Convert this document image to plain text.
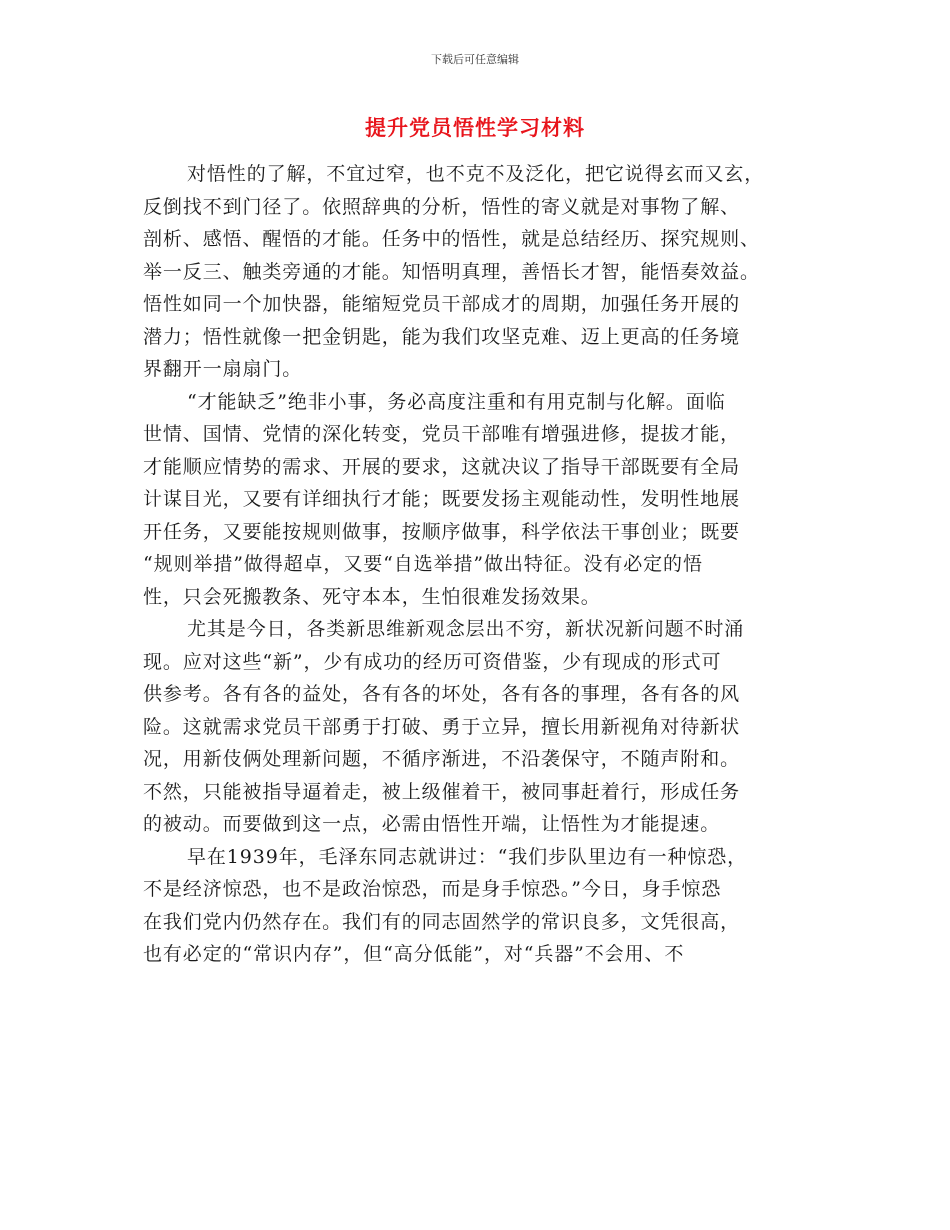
下载后可任意编辑
提升党员悟性学习材料

对悟性的了解，不宜过窄，也不克不及泛化，把它说得玄而又玄，
反倒找不到门径了。依照辞典的分析，悟性的寄义就是对事物了解、
剖析、感悟、醒悟的才能。任务中的悟性，就是总结经历、探究规则、
举一反三、触类旁通的才能。知悟明真理，善悟长才智，能悟奏效益。
悟性如同一个加快器，能缩短党员干部成才的周期，加强任务开展的
潜力；悟性就像一把金钥匙，能为我们攻坚克难、迈上更高的任务境
界翻开一扇扇门。

“才能缺乏”绝非小事，务必高度注重和有用克制与化解。面临
世情、国情、党情的深化转变，党员干部唯有增强进修，提拔才能，
才能顺应情势的需求、开展的要求，这就决议了指导干部既要有全局
计谋目光，又要有详细执行才能；既要发扬主观能动性，发明性地展
开任务，又要能按规则做事，按顺序做事，科学依法干事创业；既要
“规则举措”做得超卓，又要“自选举措”做出特征。没有必定的悟
性，只会死搬教条、死守本本，生怕很难发扬效果。

尤其是今日，各类新思维新观念层出不穷，新状况新问题不时涌
现。应对这些“新”，少有成功的经历可资借鉴，少有现成的形式可
供参考。各有各的益处，各有各的坏处，各有各的事理，各有各的风
险。这就需求党员干部勇于打破、勇于立异，擅长用新视角对待新状
况，用新伎俩处理新问题，不循序渐进，不沿袭保守，不随声附和。
不然，只能被指导逼着走，被上级催着干，被同事赶着行，形成任务
的被动。而要做到这一点，必需由悟性开端，让悟性为才能提速。

早在1939年，毛泽东同志就讲过：“我们步队里边有一种惊恐，
不是经济惊恐，也不是政治惊恐，而是身手惊恐。”今日，身手惊恐
在我们党内仍然存在。我们有的同志固然学的常识良多，文凭很高，
也有必定的“常识内存”，但“高分低能”，对“兵器”不会用、不
